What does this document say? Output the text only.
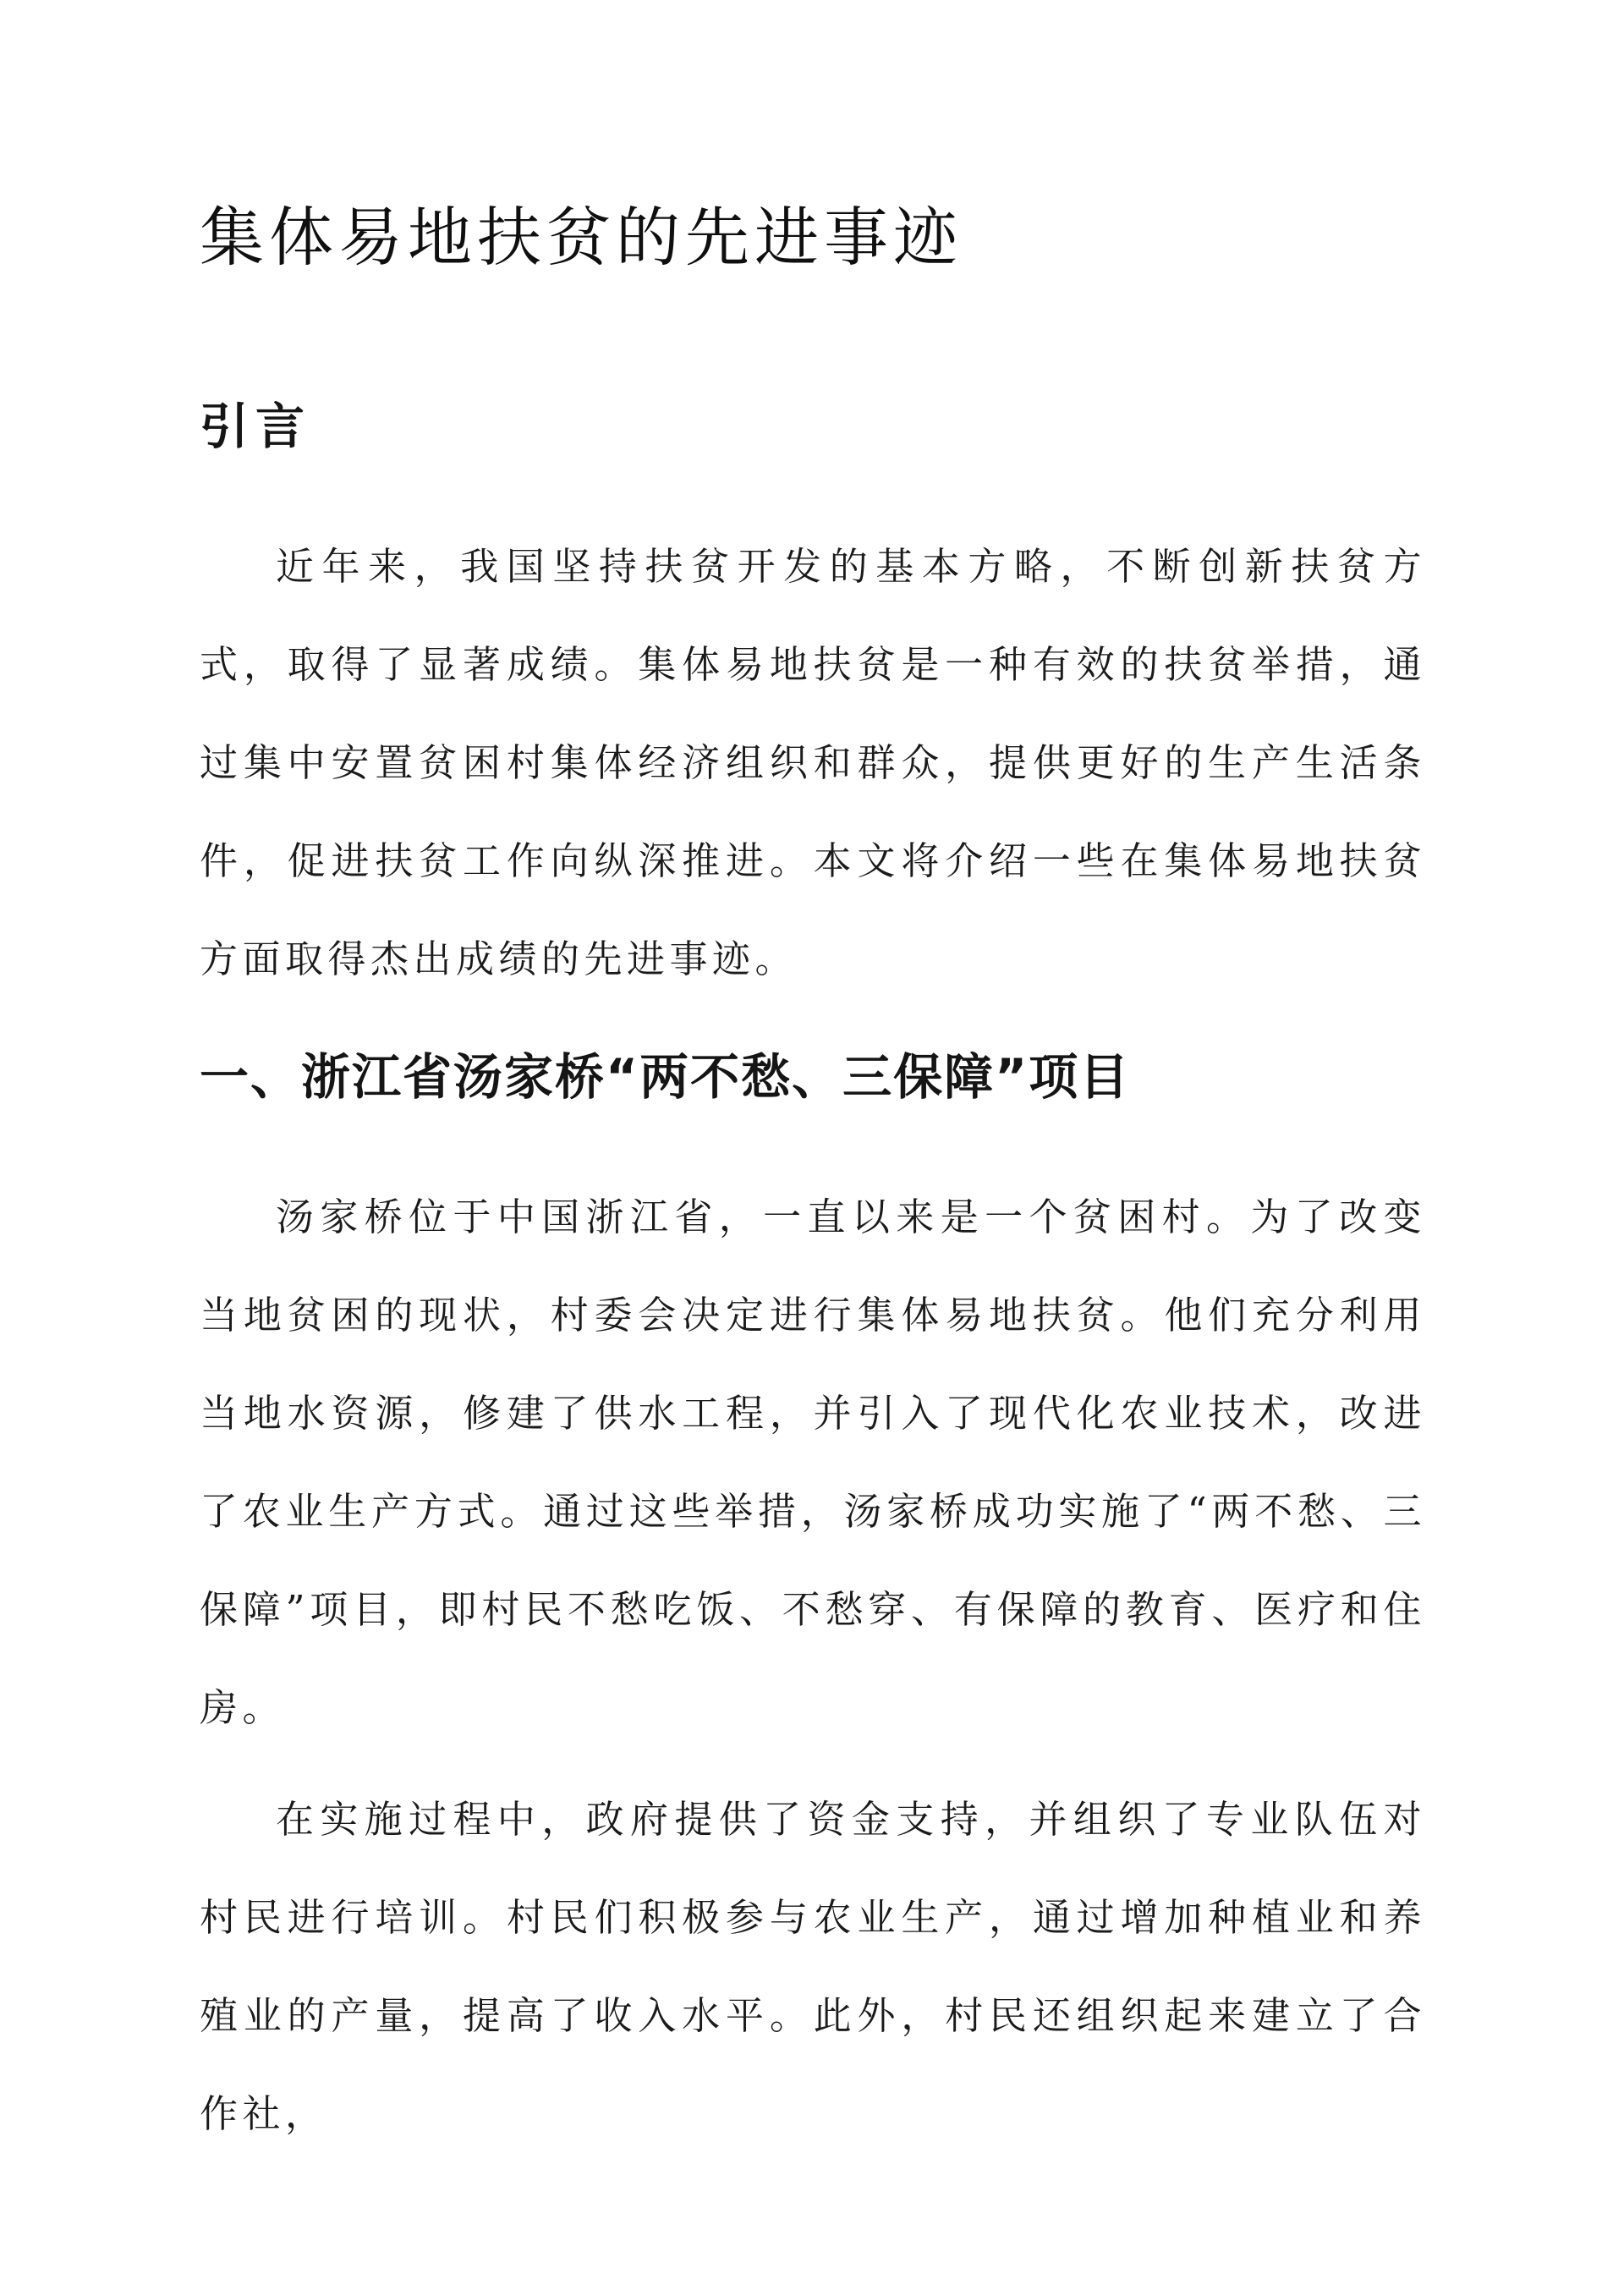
集体易地扶贫的先进事迹
引言

近年来，我国坚持扶贫开发的基本方略，不断创新扶贫方式，取得了显著成绩。集体易地扶贫是一种有效的扶贫举措，通过集中安置贫困村集体经济组织和群众，提供更好的生产生活条件，促进扶贫工作向纵深推进。本文将介绍一些在集体易地扶贫方面取得杰出成绩的先进事迹。

一、浙江省汤家桥“两不愁、三保障”项目

汤家桥位于中国浙江省，一直以来是一个贫困村。为了改变当地贫困的现状，村委会决定进行集体易地扶贫。他们充分利用当地水资源，修建了供水工程，并引入了现代化农业技术，改进了农业生产方式。通过这些举措，汤家桥成功实施了“两不愁、三保障”项目，即村民不愁吃饭、不愁穿、有保障的教育、医疗和住房。

在实施过程中，政府提供了资金支持，并组织了专业队伍对村民进行培训。村民们积极参与农业生产，通过增加种植业和养殖业的产量，提高了收入水平。此外，村民还组织起来建立了合作社，
